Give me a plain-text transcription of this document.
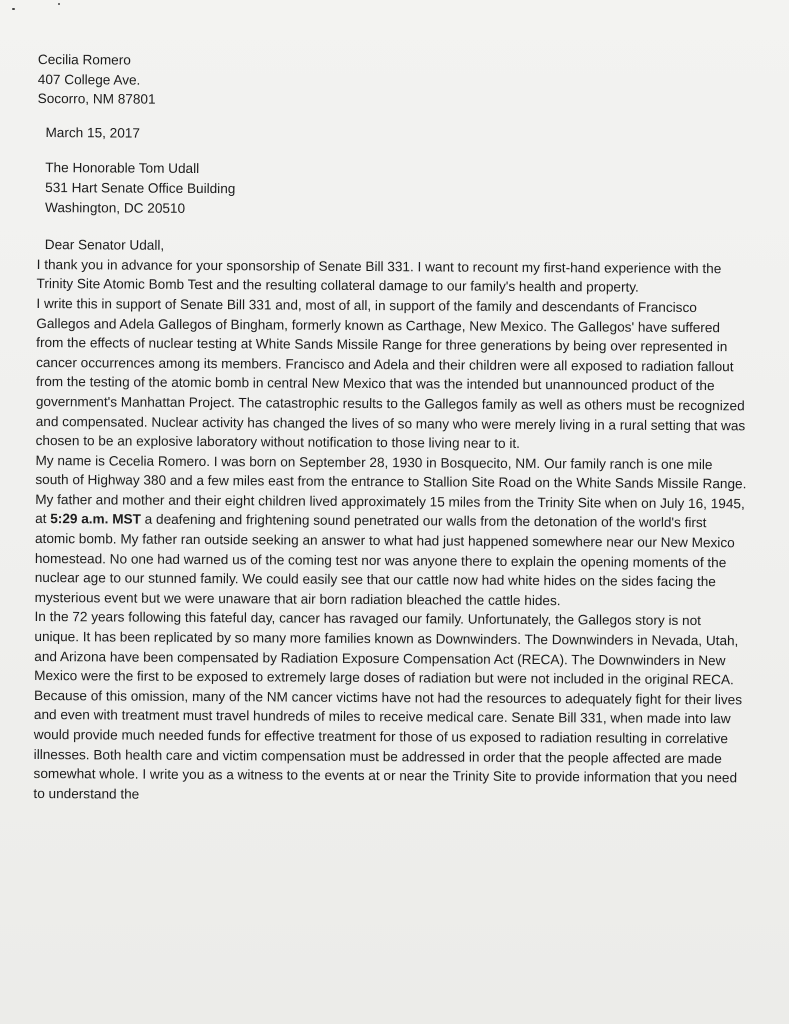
Cecilia Romero
407 College Ave.
Socorro, NM 87801
March 15, 2017
The Honorable Tom Udall
531 Hart Senate Office Building
Washington, DC 20510
Dear Senator Udall,

I thank you in advance for your sponsorship of Senate Bill 331. I want to recount my first-hand experience with the Trinity Site Atomic Bomb Test and the resulting collateral damage to our family's health and property.

I write this in support of Senate Bill 331 and, most of all, in support of the family and descendants of Francisco Gallegos and Adela Gallegos of Bingham, formerly known as Carthage, New Mexico. The Gallegos' have suffered from the effects of nuclear testing at White Sands Missile Range for three generations by being over represented in cancer occurrences among its members. Francisco and Adela and their children were all exposed to radiation fallout from the testing of the atomic bomb in central New Mexico that was the intended but unannounced product of the government's Manhattan Project. The catastrophic results to the Gallegos family as well as others must be recognized and compensated. Nuclear activity has changed the lives of so many who were merely living in a rural setting that was chosen to be an explosive laboratory without notification to those living near to it.

My name is Cecelia Romero. I was born on September 28, 1930 in Bosquecito, NM. Our family ranch is one mile south of Highway 380 and a few miles east from the entrance to Stallion Site Road on the White Sands Missile Range. My father and mother and their eight children lived approximately 15 miles from the Trinity Site when on July 16, 1945, at 5:29 a.m. MST a deafening and frightening sound penetrated our walls from the detonation of the world's first atomic bomb. My father ran outside seeking an answer to what had just happened somewhere near our New Mexico homestead. No one had warned us of the coming test nor was anyone there to explain the opening moments of the nuclear age to our stunned family. We could easily see that our cattle now had white hides on the sides facing the mysterious event but we were unaware that air born radiation bleached the cattle hides.

In the 72 years following this fateful day, cancer has ravaged our family. Unfortunately, the Gallegos story is not unique. It has been replicated by so many more families known as Downwinders. The Downwinders in Nevada, Utah, and Arizona have been compensated by Radiation Exposure Compensation Act (RECA). The Downwinders in New Mexico were the first to be exposed to extremely large doses of radiation but were not included in the original RECA. Because of this omission, many of the NM cancer victims have not had the resources to adequately fight for their lives and even with treatment must travel hundreds of miles to receive medical care. Senate Bill 331, when made into law would provide much needed funds for effective treatment for those of us exposed to radiation resulting in correlative illnesses. Both health care and victim compensation must be addressed in order that the people affected are made somewhat whole. I write you as a witness to the events at or near the Trinity Site to provide information that you need to understand the
